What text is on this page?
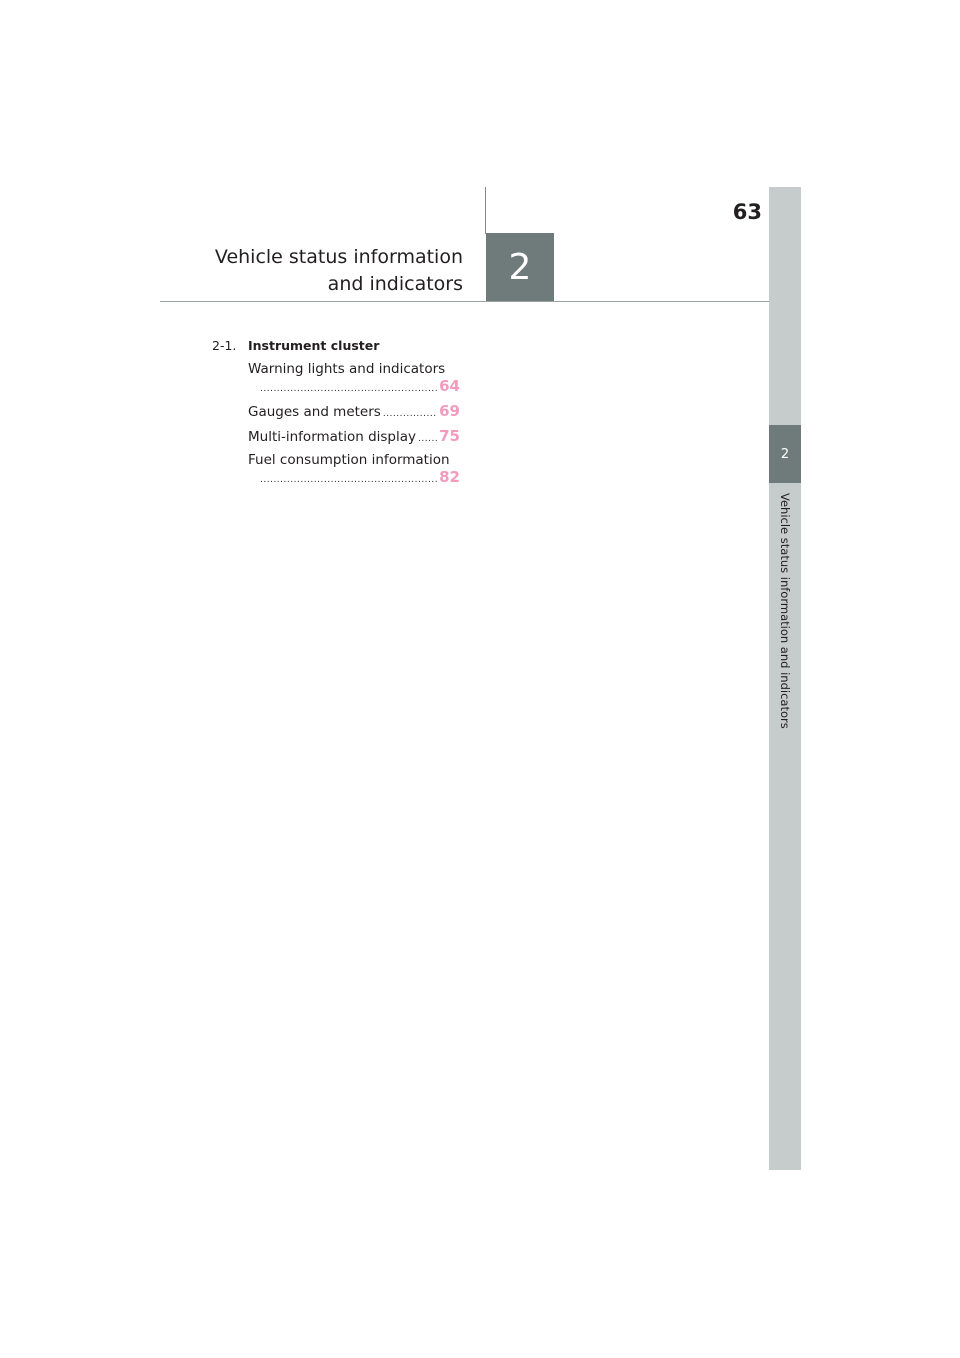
63
Vehicle status information
and indicators 2
2
Vehicle status information and indicators
2-1. Instrument cluster
Warning lights and indicators
.....
64
Gauges and meters .....	69
Multi-information display ..... 75
Fuel consumption information
.....
82
